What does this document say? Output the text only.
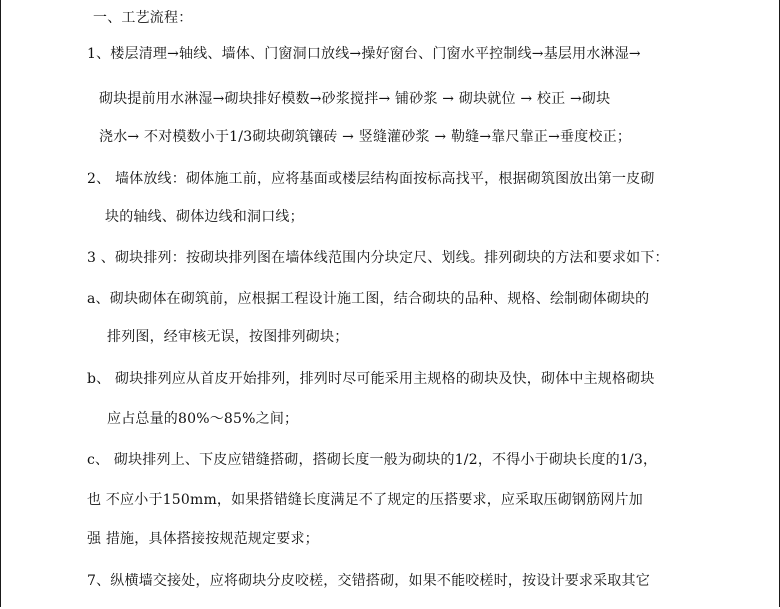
一、工艺流程：
1、楼层清理→轴线、墙体、门窗洞口放线→操好窗台、门窗水平控制线→基层用水淋湿→
砌块提前用水淋湿→砌块排好模数→砂浆搅拌→ 铺砂浆 → 砌块就位 → 校正 →砌块
浇水→ 不对模数小于1/3砌块砌筑镶砖 → 竖缝灌砂浆 → 勒缝→靠尺靠正→垂度校正；
2、 墙体放线：砌体施工前，应将基面或楼层结构面按标高找平，根据砌筑图放出第一皮砌
块的轴线、砌体边线和洞口线；
3 、砌块排列：按砌块排列图在墙体线范围内分块定尺、划线。排列砌块的方法和要求如下：
a、砌块砌体在砌筑前，应根据工程设计施工图，结合砌块的品种、规格、绘制砌体砌块的
排列图，经审核无误，按图排列砌块；
b、 砌块排列应从首皮开始排列，排列时尽可能采用主规格的砌块及快，砌体中主规格砌块
应占总量的80%～85%之间；
c、 砌块排列上、下皮应错缝搭砌，搭砌长度一般为砌块的1/2，不得小于砌块长度的1/3，
也 不应小于150mm，如果搭错缝长度满足不了规定的压搭要求，应采取压砌钢筋网片加
强 措施，具体搭接按规范规定要求；
7、纵横墙交接处，应将砌块分皮咬槎，交错搭砌，如果不能咬槎时，按设计要求采取其它
